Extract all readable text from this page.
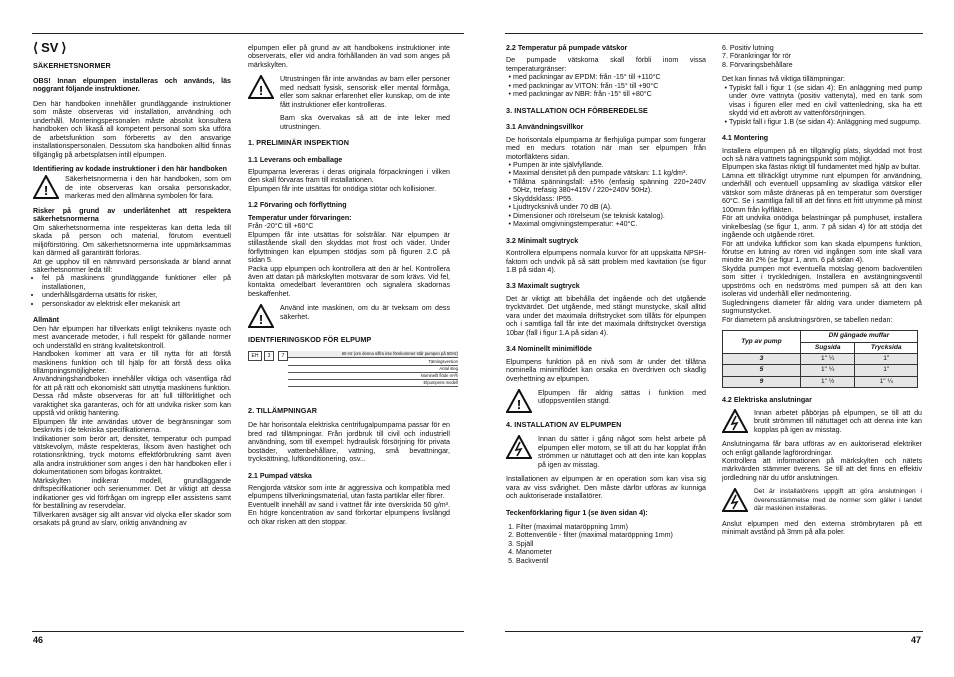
46	47
⟨ SV ⟩
SÄKERHETSNORMER

OBS! Innan elpumpen installeras och används, läs noggrant följande instruktioner.

Den här handboken innehåller grundläggande instruktioner som måste observeras vid installation, användning och underhåll. Monteringspersonalen måste absolut konsultera handboken och likaså all kompetent personal som ska utföra de arbetsfunktion som förberetts av den ansvarige installationspersonalen. Dessutom ska handboken alltid finnas tillgänglig på arbetsplatsen intill elpumpen.

Identifiering av kodade instruktioner i den här handboken

!
Säkerhetsnormerna i den här handboken, som om de inte observeras kan orsaka personskador, markeras med den allmänna symbolen för fara.

Risker på grund av underlåtenhet att respektera säkerhetsnormerna

Om säkerhetsnormerna inte respekteras kan detta leda till skada på person och material, förutom eventuell miljöförstöring. Om säkerhetsnormerna inte uppmärksammas kan därmed all garantirätt förloras.

Att ge upphov till en nämnvärd personskada är bland annat säkerhetsnormer leda till:

• fel på maskinens grundläggande funktioner eller på installationen,
• underhållsgärderna utsätts för risker,
• personskador av elektrisk eller mekanisk art

Allmänt

Den här elpumpen har tillverkats enligt teknikens nyaste och mest avancerade metoder, i full respekt för gällande normer och underställd en sträng kvalitetskontroll.

Handboken kommer att vara er till nytta för att förstå maskinens funktion och till hjälp för att förstå dess olika tillämpningsmöjligheter.

Användningshandboken innehåller viktiga och väsentliga råd för att på rätt och ekonomiskt sätt utnyttja maskinens funktion. Dessa råd måste observeras för att full tillförlitlighet och varaktighet ska garanteras, och för att undvika risker som kan uppstå vid oriktig hantering.

Elpumpen får inte användas utöver de begränsningar som beskrivits i de tekniska specifikationerna.

Indikationer som berör art, densitet, temperatur och pumpad vätskevolym, måste respekteras, liksom även hastighet och rotationsriktning, tryck motorns effektförbrukning samt även alla andra instruktioner som anges i den här handboken eller i dokumentationen som bifogas kontraktet.

Märkskylten indikerar modell, grundläggande driftspecifikationer och serienummer. Det är viktigt att dessa indikationer ges vid förfrågan om ingrepp eller assistens samt för beställning av reservdelar.

Tillverkaren avsäger sig allt ansvar vid olycka eller skador som orsakats på grund av slarv, oriktig användning av

elpumpen eller på grund av att handbokens instruktioner inte observerats, eller vid andra förhållanden än vad som anges på märkskylten.

!
Utrustningen får inte användas av barn eller personer med nedsatt fysisk, sensorisk eller mental förmåga, eller som saknar erfarenhet eller kunskap, om de inte fått instruktioner eller kontrolleras.
Barn ska övervakas så att de inte leker med utrustningen.
1. PRELIMINÄR INSPEKTION
1.1 Leverans och emballage

Elpumparna levereras i deras originala förpackningen i vilken den skall förvaras fram till installationen.

Elpumpen får inte utsättas för onödiga stötar och kollisioner.

1.2 Förvaring och förflyttning

Temperatur under förvaringen:

Från -20°C till +60°C

Elpumpen får inte utsättas för solstrålar. När elpumpen är stillastående skall den skyddas mot frost och väder. Under förflyttningen kan elpumpen stödjas som på figuren 2.C på sidan 5.

Packa upp elpumpen och kontrollera att den är hel. Kontrollera även att datan på märkskylten motsvarar de som krävs. Vid fel, kontakta omedelbart leverantören och signalera skadornas beskaffenhet.

!
Använd inte maskinen, om du är tveksam om dess säkerhet.
IDENTFIERINGSKOD FÖR ELPUMP
EH	3	7	60 Hz (om denna siffra inte förekommer står pumpen på 50Hz)
Tätningsversion
Antal steg
Nominellt flöde m³/h
Elpumpens modell
2. TILLÄMPNINGAR

De här horisontala elektriska centrifugalpumparna passar för en bred rad tillämpningar. Från jordbruk till civil och industriell användning, som till exempel: hydraulisk försörjning för privata bostäder, vattenbehållare, vattning, små bevattningar, trycksättning, luftkonditionering, osv...

2.1 Pumpad vätska

Rengjorda vätskor som inte är aggressiva och kompatibla med elpumpens tillverkningsmaterial, utan fasta partiklar eller fibrer.

Eventuellt innehåll av sand i vattnet får inte överskrida 50 g/m³. En högre koncentration av sand förkortar elpumpens livslängd och ökar risken att den stoppar.

2.2 Temperatur på pumpade vätskor

De pumpade vätskorna skall förbli inom vissa temperaturgränser:

• med packningar av EPDM: från -15° till +110°C
• med packningar av VITON: från -15° till +90°C
• med packningar av NBR: från -15° till +80°C
3. INSTALLATION OCH FÖRBEREDELSE
3.1 Användningsvillkor

De horisontala elpumparna är flerhjuliga pumpar som fungerar med en medurs rotation när man ser elpumpen från motorfläktens sidan.

• Pumpen är inte självfyllande.
• Maximal densitet på den pumpade vätskan: 1.1 kg/dm³.
• Tillåtna spänningsfall: ±5% (enfasig spänning 220÷240V 50Hz, trefasig 380÷415V / 220÷240V 50Hz).
• Skyddsklass: IP55.
• Ljudtrycksnivå under 70 dB (A).
• Dimensioner och rörelseum (se teknisk katalog).
• Maximal omgivningstemperatur: +40°C.
3.2 Minimalt sugtryck

Kontrollera elpumpens normala kurvor för att uppskatta NPSH-faktorn och undvik på så sätt problem med kavitation (se figur 1.B på sidan 4).

3.3 Maximalt sugtryck

Det är viktigt att bibehålla det ingående och det utgående trycktvärdet. Det utgående, med stängt munstycke, skall alltid vara under det maximala driftstrycket som tillåts för elpumpen och i samtliga fall får inte det maximala driftstrycket överstiga 10bar (fall i figur 1.A på sidan 4).

3.4 Nominellt minimiflöde

Elpumpens funktion på en nivå som är under det tillåtna nominella minimiflödet kan orsaka en överdriven och skadlig överhettning av elpumpen.

!
Elpumpen får aldrig sättas i funktion med utloppsventilen stängd.
4. INSTALLATION AV ELPUMPEN
Innan du sätter i gång något som helst arbete på elpumpen eller motorn, se till att du har kopplat ifrån strömmen ur nätuttaget och att den inte kan kopplas på igen av misstag.

Installationen av elpumpen är en operation som kan visa sig vara av viss svårighet. Den måste därför utföras av kunniga och auktoriserade installatörer.

Teckenförklaring figur 1 (se även sidan 4):

1. Filter (maximal mataröppning 1mm)
2. Bottenventile - filter (maximal mataröppning 1mm)
3. Spjäll
4. Manometer
5. Backventil
6. Positiv lutning
7. Förankringar för rör
8. Förvaringsbehållare

Det kan finnas två viktiga tillämpningar:

• Typiskt fall i figur 1 (se sidan 4): En anläggning med pump under övre vattnyta (positiv vattenyta), med en tank som visas i figuren eller med en civil vattenledning, ska ha ett skydd vid ett avbrott av vattenförsörjningen.
• Typiskt fall i figur 1.B (se sidan 4): Anläggning med sugpump.
4.1 Montering

Installera elpumpen på en tillgänglig plats, skyddad mot frost och så nära vattnets tagningspunkt som möjligt.

Elpumpen ska fästas riktigt till fundamentet med hjälp av bultar.

Lämna ett tillräckligt utrymme runt elpumpen för användning, underhåll och eventuell uppsamling av skadliga vätskor eller vätskor som måste dräneras på en temperatur som överstiger 60°C. Se i samtliga fall till att det finns ett fritt utrymme på minst 100mm från kylfläkten.

För att undvika onödiga belastningar på pumphuset, installera vinkelbeslag (se figur 1, anm. 7 på sidan 4) för att stödja det ingående och utgående röret.

För att undvika luftfickor som kan skada elpumpens funktion, förutse en lutning av rören vid ingången som inte skall vara mindre än 2% (se figur 1, anm. 6 på sidan 4).

Skydda pumpen mot eventuella motslag genom backventilen som sitter i trycklednigen. Installera en avstängningsventil uppströms och en nedströms med pumpen så att den kan isoleras vid underhåll eller nedmontering.

Sugledningens diameter får aldrig vara under diametern på sugmunstycket.

För diametern på anslutningsrören, se tabellen nedan:

Typ av pump	DN gängade muffar	
	Sugsida	Trycksida
3	1" ¼	1"
5	1" ¼	1"
9	1" ½	1" ¼
4.2 Elektriska anslutningar
Innan arbetet påbörjas på elpumpen, se till att du brutit strömmen till nätuttaget och att denna inte kan kopplas på igen av misstag.

Anslutningarna får bara utföras av en auktoriserad elektriker och enligt gällande lagförordningar.

Kontrollera att informationen på märkskylten och nätets märkvärden stämmer överens. Se till att det finns en effektiv jordledning när du utför anslutningen.

Det är installatörens uppgift att göra anslutningen i överensstämmelse med de normer som gäller i landet där maskinen installeras.

Anslut elpumpen med den externa strömbrytaren på ett minimalt avstånd på 3mm på alla poler.
